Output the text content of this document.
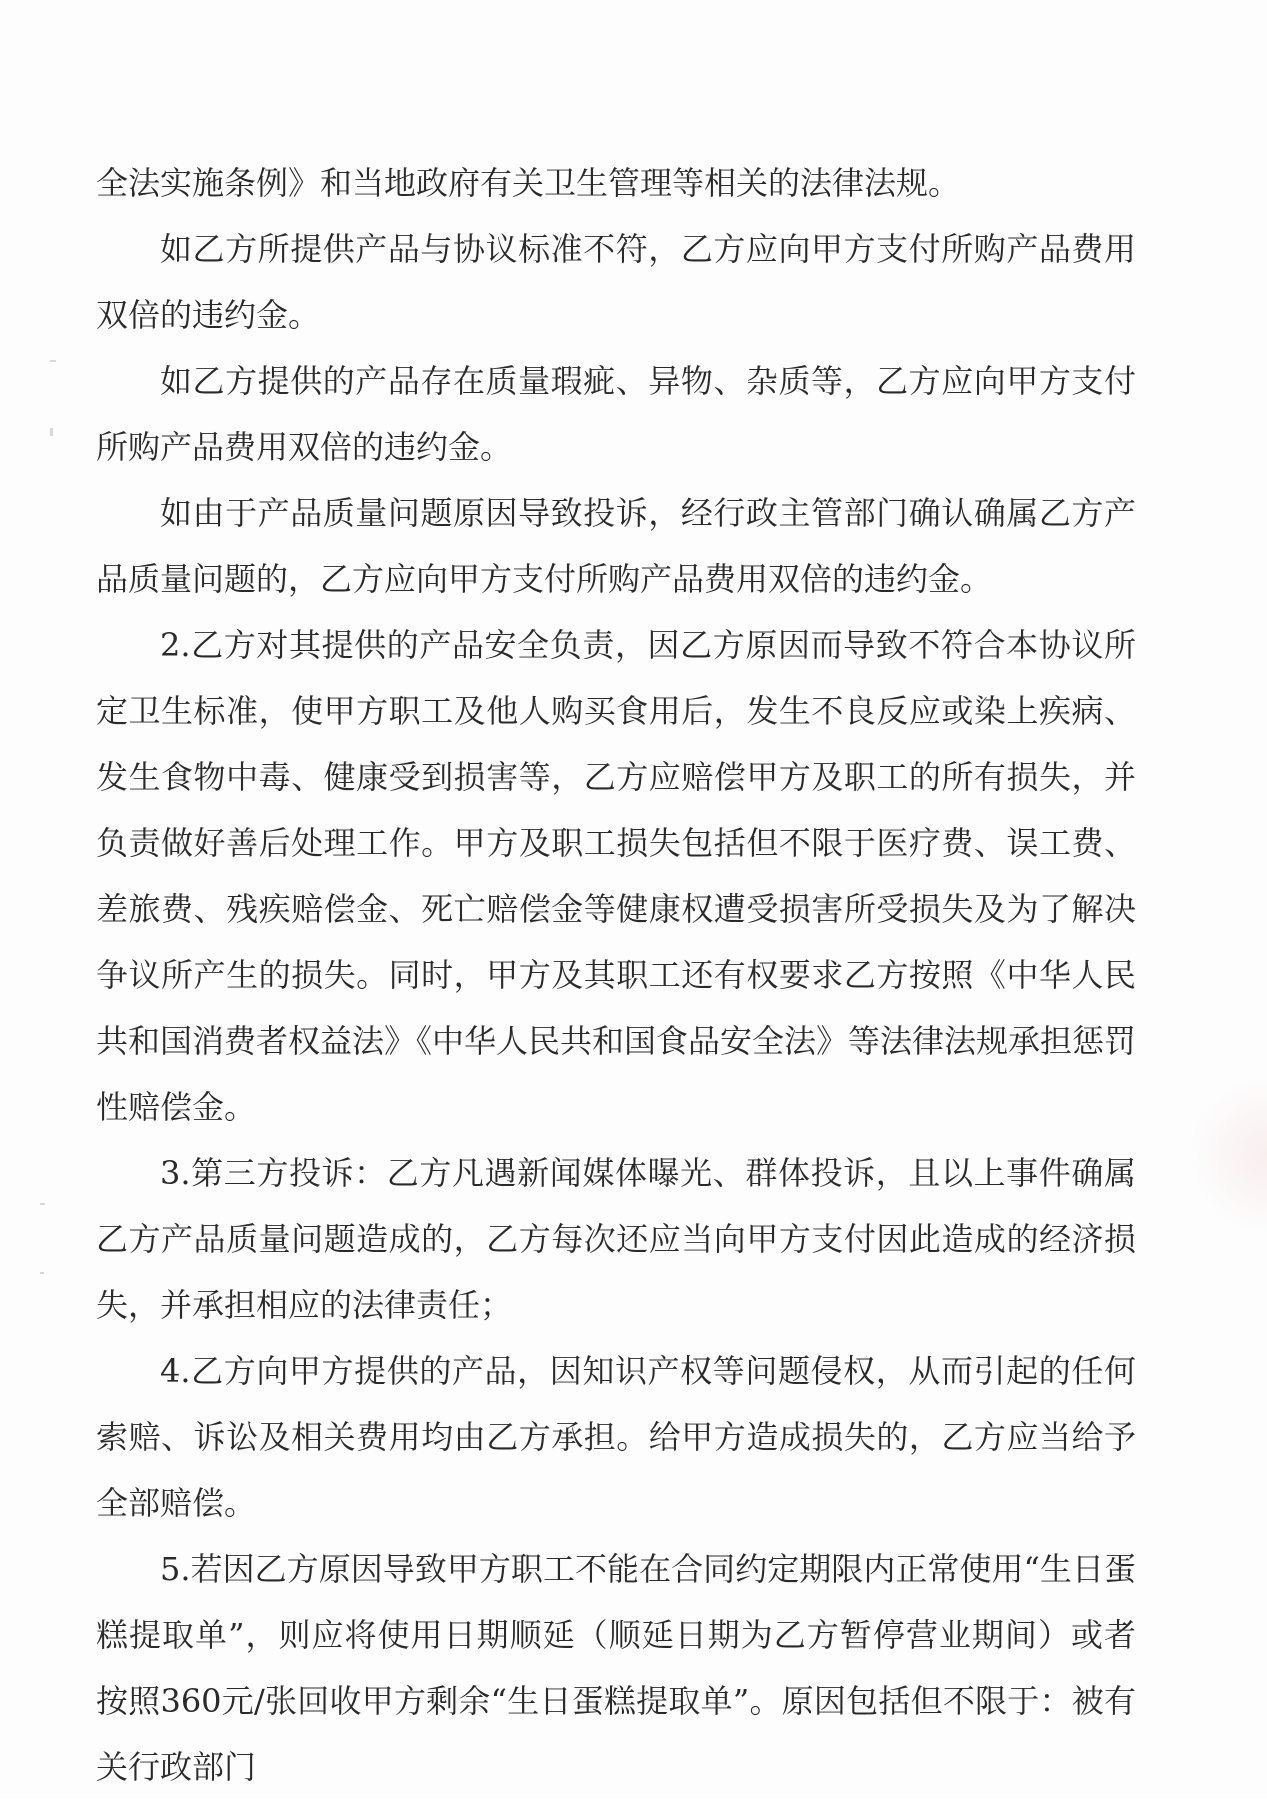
全法实施条例》和当地政府有关卫生管理等相关的法律法规。

如乙方所提供产品与协议标准不符，乙方应向甲方支付所购产品费用双倍的违约金。

如乙方提供的产品存在质量瑕疵、异物、杂质等，乙方应向甲方支付所购产品费用双倍的违约金。

如由于产品质量问题原因导致投诉，经行政主管部门确认确属乙方产品质量问题的，乙方应向甲方支付所购产品费用双倍的违约金。

2.乙方对其提供的产品安全负责，因乙方原因而导致不符合本协议所定卫生标准，使甲方职工及他人购买食用后，发生不良反应或染上疾病、发生食物中毒、健康受到损害等，乙方应赔偿甲方及职工的所有损失，并负责做好善后处理工作。甲方及职工损失包括但不限于医疗费、误工费、差旅费、残疾赔偿金、死亡赔偿金等健康权遭受损害所受损失及为了解决争议所产生的损失。同时，甲方及其职工还有权要求乙方按照《中华人民共和国消费者权益法》《中华人民共和国食品安全法》等法律法规承担惩罚性赔偿金。

3.第三方投诉：乙方凡遇新闻媒体曝光、群体投诉，且以上事件确属乙方产品质量问题造成的，乙方每次还应当向甲方支付因此造成的经济损失，并承担相应的法律责任；

4.乙方向甲方提供的产品，因知识产权等问题侵权，从而引起的任何索赔、诉讼及相关费用均由乙方承担。给甲方造成损失的，乙方应当给予全部赔偿。

5.若因乙方原因导致甲方职工不能在合同约定期限内正常使用“生日蛋糕提取单”，则应将使用日期顺延（顺延日期为乙方暂停营业期间）或者按照360元/张回收甲方剩余“生日蛋糕提取单”。原因包括但不限于：被有关行政部门
